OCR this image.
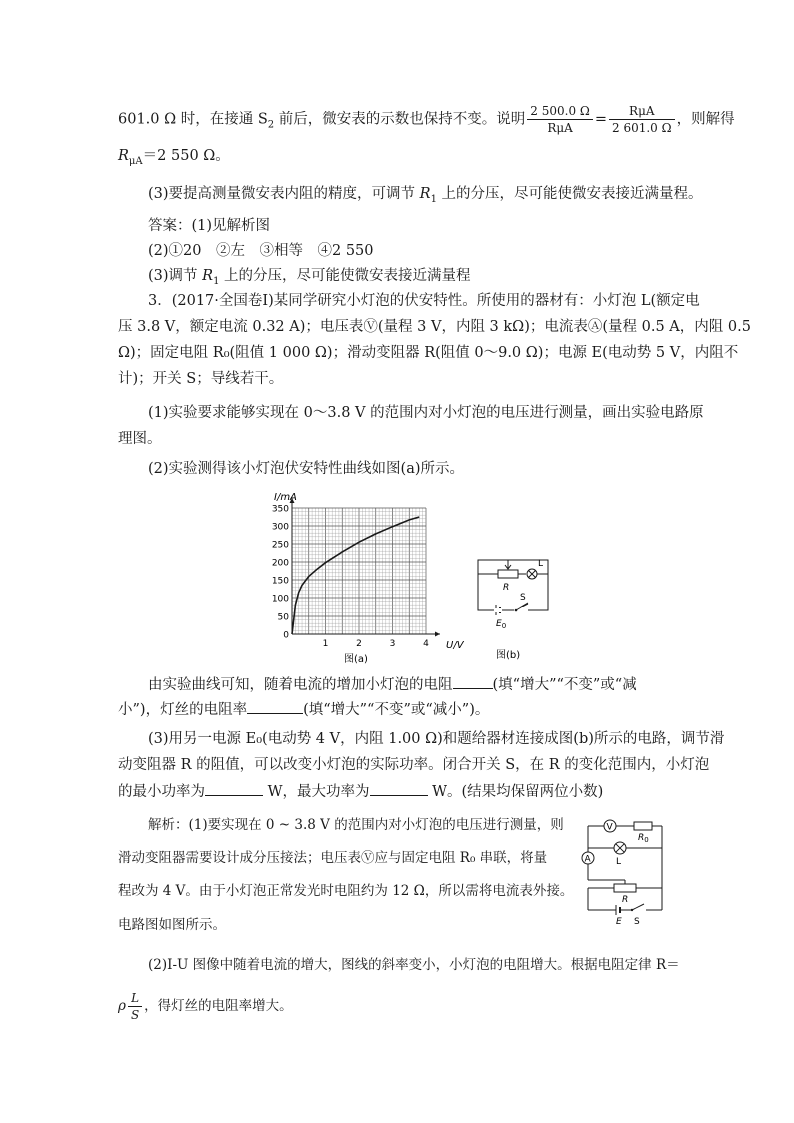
601.0 Ω 时，在接通 $S_2$ 前后，微安表的示数也保持不变。说明 $\frac{2 500.0 \Omega}{\text{RμA}} = \frac{\text{RμA}}{2 601.0 \Omega}$ ，则解得
$R_{\mu A}=2$ 550 Ω。
(3)要提高测量微安表内阻的精度，可调节 $R_1$ 上的分压，尽可能使微安表接近满量程。
答案：(1)见解析图
(2)①20　②左　③相等　④2 550
(3)调节 $R_1$ 上的分压，尽可能使微安表接近满量程
3．(2017·全国卷Ⅰ)某同学研究小灯泡的伏安特性。所使用的器材有：小灯泡 L(额定电
压 3.8 V，额定电流 0.32 A)；电压表Ⓥ(量程 3 V，内阻 3 kΩ)；电流表Ⓐ(量程 0.5 A，内阻 0.5
Ω)；固定电阻 R₀(阻值 1 000 Ω)；滑动变阻器 R(阻值 0～9.0 Ω)；电源 E(电动势 5 V，内阻不
计)；开关 S；导线若干。
(1)实验要求能够实现在 0～3.8 V 的范围内对小灯泡的电压进行测量，画出实验电路原
理图。
(2)实验测得该小灯泡伏安特性曲线如图(a)所示。
350
300
250
200
150
100
50
0
1	2	3	4
I/mA
U/V
图(a)
R
L
S
$E_0$
图(b)
由实验曲线可知，随着电流的增加小灯泡的电阻	(填“增大”“不变”或“减
小”)，灯丝的电阻率	(填“增大”“不变”或“减小”)。
(3)用另一电源 E₀(电动势 4 V，内阻 1.00 Ω)和题给器材连接成图(b)所示的电路，调节滑
动变阻器 R 的阻值，可以改变小灯泡的实际功率。闭合开关 S，在 R 的变化范围内，小灯泡
的最小功率为	W，最大功率为	W。(结果均保留两位小数)
解析：(1)要实现在 0 ~ 3.8 V 的范围内对小灯泡的电压进行测量，则
滑动变阻器需要设计成分压接法；电压表Ⓥ应与固定电阻 R₀ 串联，将量
程改为 4 V。由于小灯泡正常发光时电阻约为 12 Ω，所以需将电流表外接。
电路图如图所示。
V
A
$R_0$
L
R
E S
(2)I-U 图像中随着电流的增大，图线的斜率变小，小灯泡的电阻增大。根据电阻定律 R＝
ρ $\frac{L}{S}$ ，得灯丝的电阻率增大。
